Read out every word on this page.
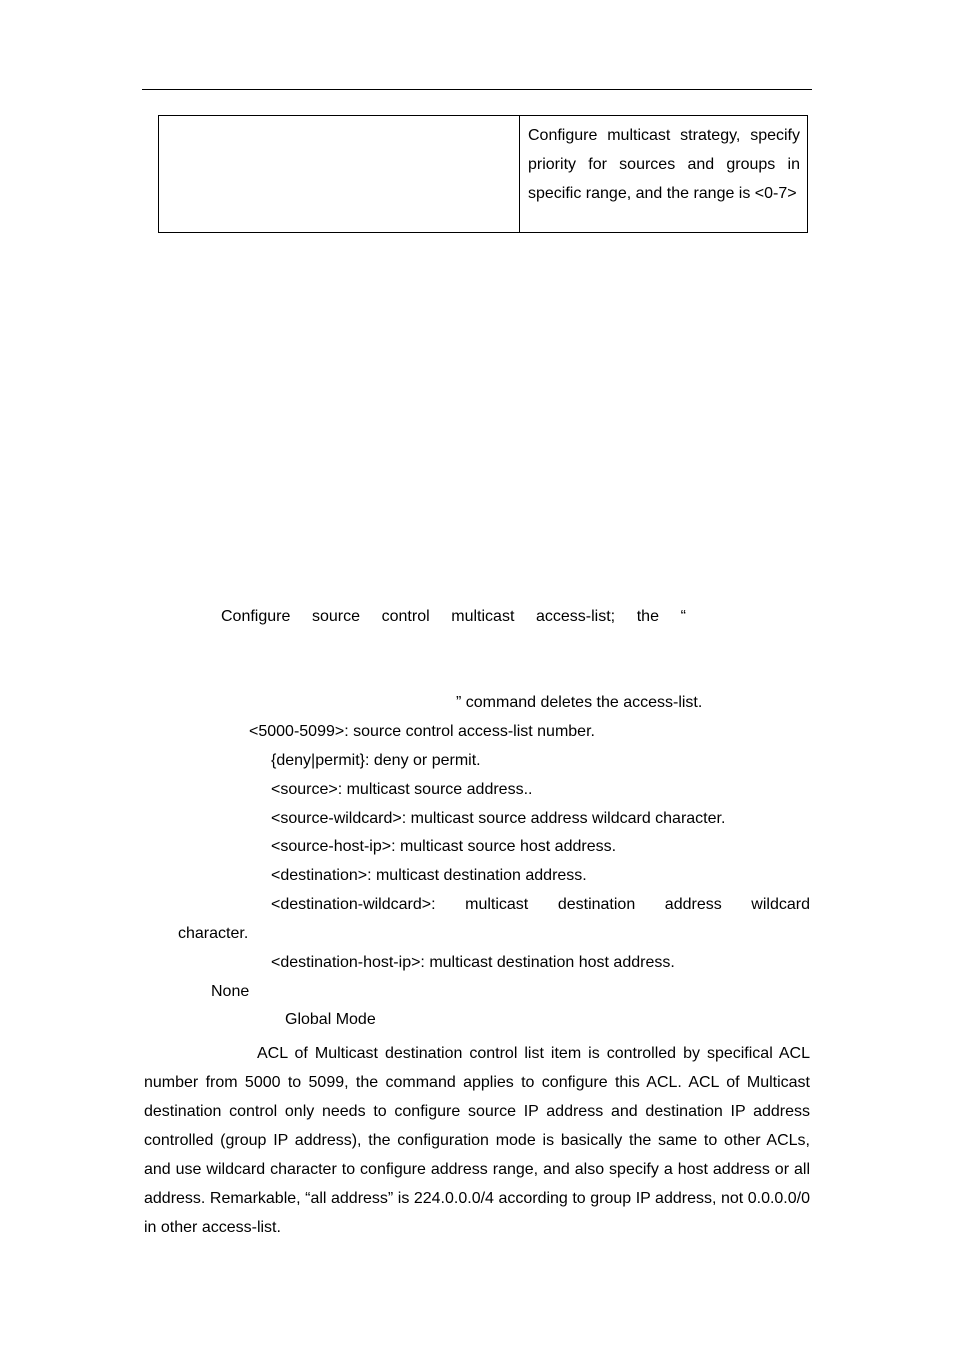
Configure multicast strategy, specify priority for sources and groups in specific range, and the range is <0-7>
Configure source control multicast access-list; the “
” command deletes the access-list.
<5000-5099>: source control access-list number.
{deny|permit}: deny or permit.
<source>: multicast source address..
<source-wildcard>: multicast source address wildcard character.
<source-host-ip>: multicast source host address.
<destination>: multicast destination address.
<destination-wildcard>: multicast destination address wildcard
character.
<destination-host-ip>: multicast destination host address.
None
Global Mode
ACL of Multicast destination control list item is controlled by specifical ACL number from 5000 to 5099, the command applies to configure this ACL. ACL of Multicast destination control only needs to configure source IP address and destination IP address controlled (group IP address), the configuration mode is basically the same to other ACLs, and use wildcard character to configure address range, and also specify a host address or all address. Remarkable, “all address” is 224.0.0.0/4 according to group IP address, not 0.0.0.0/0 in other access-list.
